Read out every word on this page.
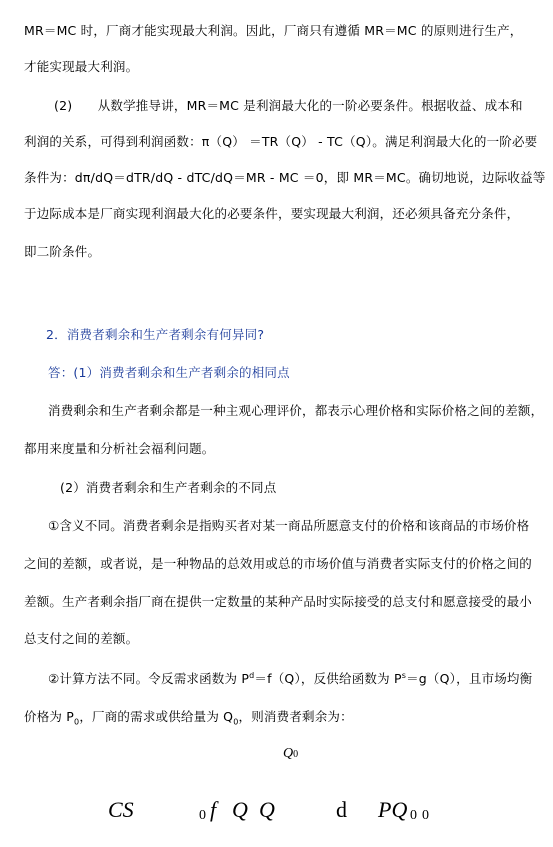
MR＝MC 时，厂商才能实现最大利润。因此，厂商只有遵循 MR＝MC 的原则进行生产，
才能实现最大利润。
(2)　　从数学推导讲，MR＝MC 是利润最大化的一阶必要条件。根据收益、成本和
利润的关系，可得到利润函数：π（Q） ＝TR（Q） - TC（Q）。满足利润最大化的一阶必要
条件为：dπ/dQ＝dTR/dQ - dTC/dQ＝MR - MC ＝0，即 MR＝MC。确切地说，边际收益等
于边际成本是厂商实现利润最大化的必要条件，要实现最大利润，还必须具备充分条件，
即二阶条件。
2．消费者剩余和生产者剩余有何异同?
答：(1）消费者剩余和生产者剩余的相同点
消费剩余和生产者剩余都是一种主观心理评价，都表示心理价格和实际价格之间的差额，
都用来度量和分析社会福利问题。
(2）消费者剩余和生产者剩余的不同点
①含义不同。消费者剩余是指购买者对某一商品所愿意支付的价格和该商品的市场价格
之间的差额，或者说，是一种物品的总效用或总的市场价值与消费者实际支付的价格之间的
差额。生产者剩余指厂商在提供一定数量的某种产品时实际接受的总支付和愿意接受的最小
总支付之间的差额。
②计算方法不同。令反需求函数为 $P^d=f(Q)$，反供给函数为 $P^s=g(Q)$，且市场均衡
价格为 $P_0$，厂商的需求或供给量为 $Q_0$，则消费者剩余为：
Q0
CS	0 f Q Q	d PQ 0 0
